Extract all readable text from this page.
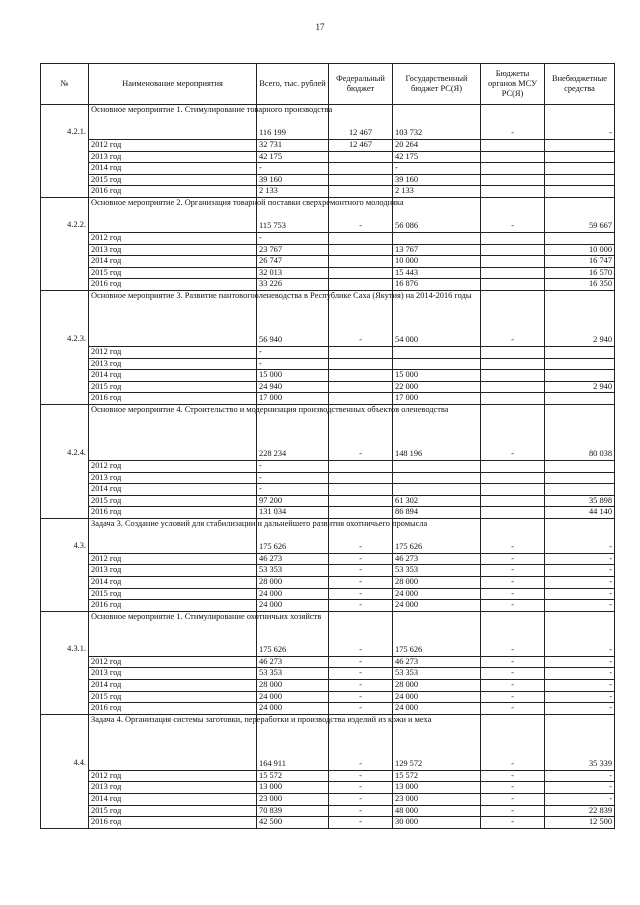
17
№	Наименование мероприятия	Всего, тыс. рублей	Федеральный бюджет	Государственный бюджет РС(Я)	Бюджеты органов МСУ РС(Я)	Внебюджетные средства
4.2.1.	Основное мероприятие 1. Стимулирование товарного производства	116 199	12 467	103 732	-	-
	2012 год	32 731	12 467	20 264		
	2013 год	42 175		42 175		
	2014 год	-		-		
	2015 год	39 160		39 160		
	2016 год	2 133		2 133		
4.2.2.	Основное мероприятие 2. Организация товарной поставки сверхремонтного молодняка	115 753	-	56 086	-	59 667
	2012 год	-				
	2013 год	23 767		13 767		10 000
	2014 год	26 747		10 000		16 747
	2015 год	32 013		15 443		16 570
	2016 год	33 226		16 876		16 350
4.2.3.	Основное мероприятие 3. Развитие пантовогооленеводства в Республике Саха (Якутия) на 2014-2016 годы	56 940	-	54 000	-	2 940
	2012 год	-				
	2013 год	-				
	2014 год	15 000		15 000		
	2015 год	24 940		22 000		2 940
	2016 год	17 000		17 000		
4.2.4.	Основное мероприятие 4. Строительство и модернизация производственных объектов оленеводства	228 234	-	148 196	-	80 038
	2012 год	-				
	2013 год	-				
	2014 год	-				
	2015 год	97 200		61 302		35 898
	2016 год	131 034		86 894		44 140
4.3.	Задача 3. Создание условий для стабилизации и дальнейшего развития охотничьего промысла	175 626	-	175 626	-	-
	2012 год	46 273	-	46 273	-	-
	2013 год	53 353	-	53 353	-	-
	2014 год	28 000	-	28 000	-	-
	2015 год	24 000	-	24 000	-	-
	2016 год	24 000	-	24 000	-	-
4.3.1.	Основное мероприятие 1. Стимулирование охотничьих хозяйств	175 626	-	175 626	-	-
	2012 год	46 273	-	46 273	-	-
	2013 год	53 353	-	53 353	-	-
	2014 год	28 000	-	28 000	-	-
	2015 год	24 000	-	24 000	-	-
	2016 год	24 000	-	24 000	-	-
4.4.	Задача 4. Организация системы заготовки, переработки и производства изделий из кожи и меха	164 911	-	129 572	-	35 339
	2012 год	15 572	-	15 572	-	-
	2013 год	13 000	-	13 000	-	-
	2014 год	23 000	-	23 000	-	-
	2015 год	70 839	-	48 000	-	22 839
	2016 год	42 500	-	30 000	-	12 500
